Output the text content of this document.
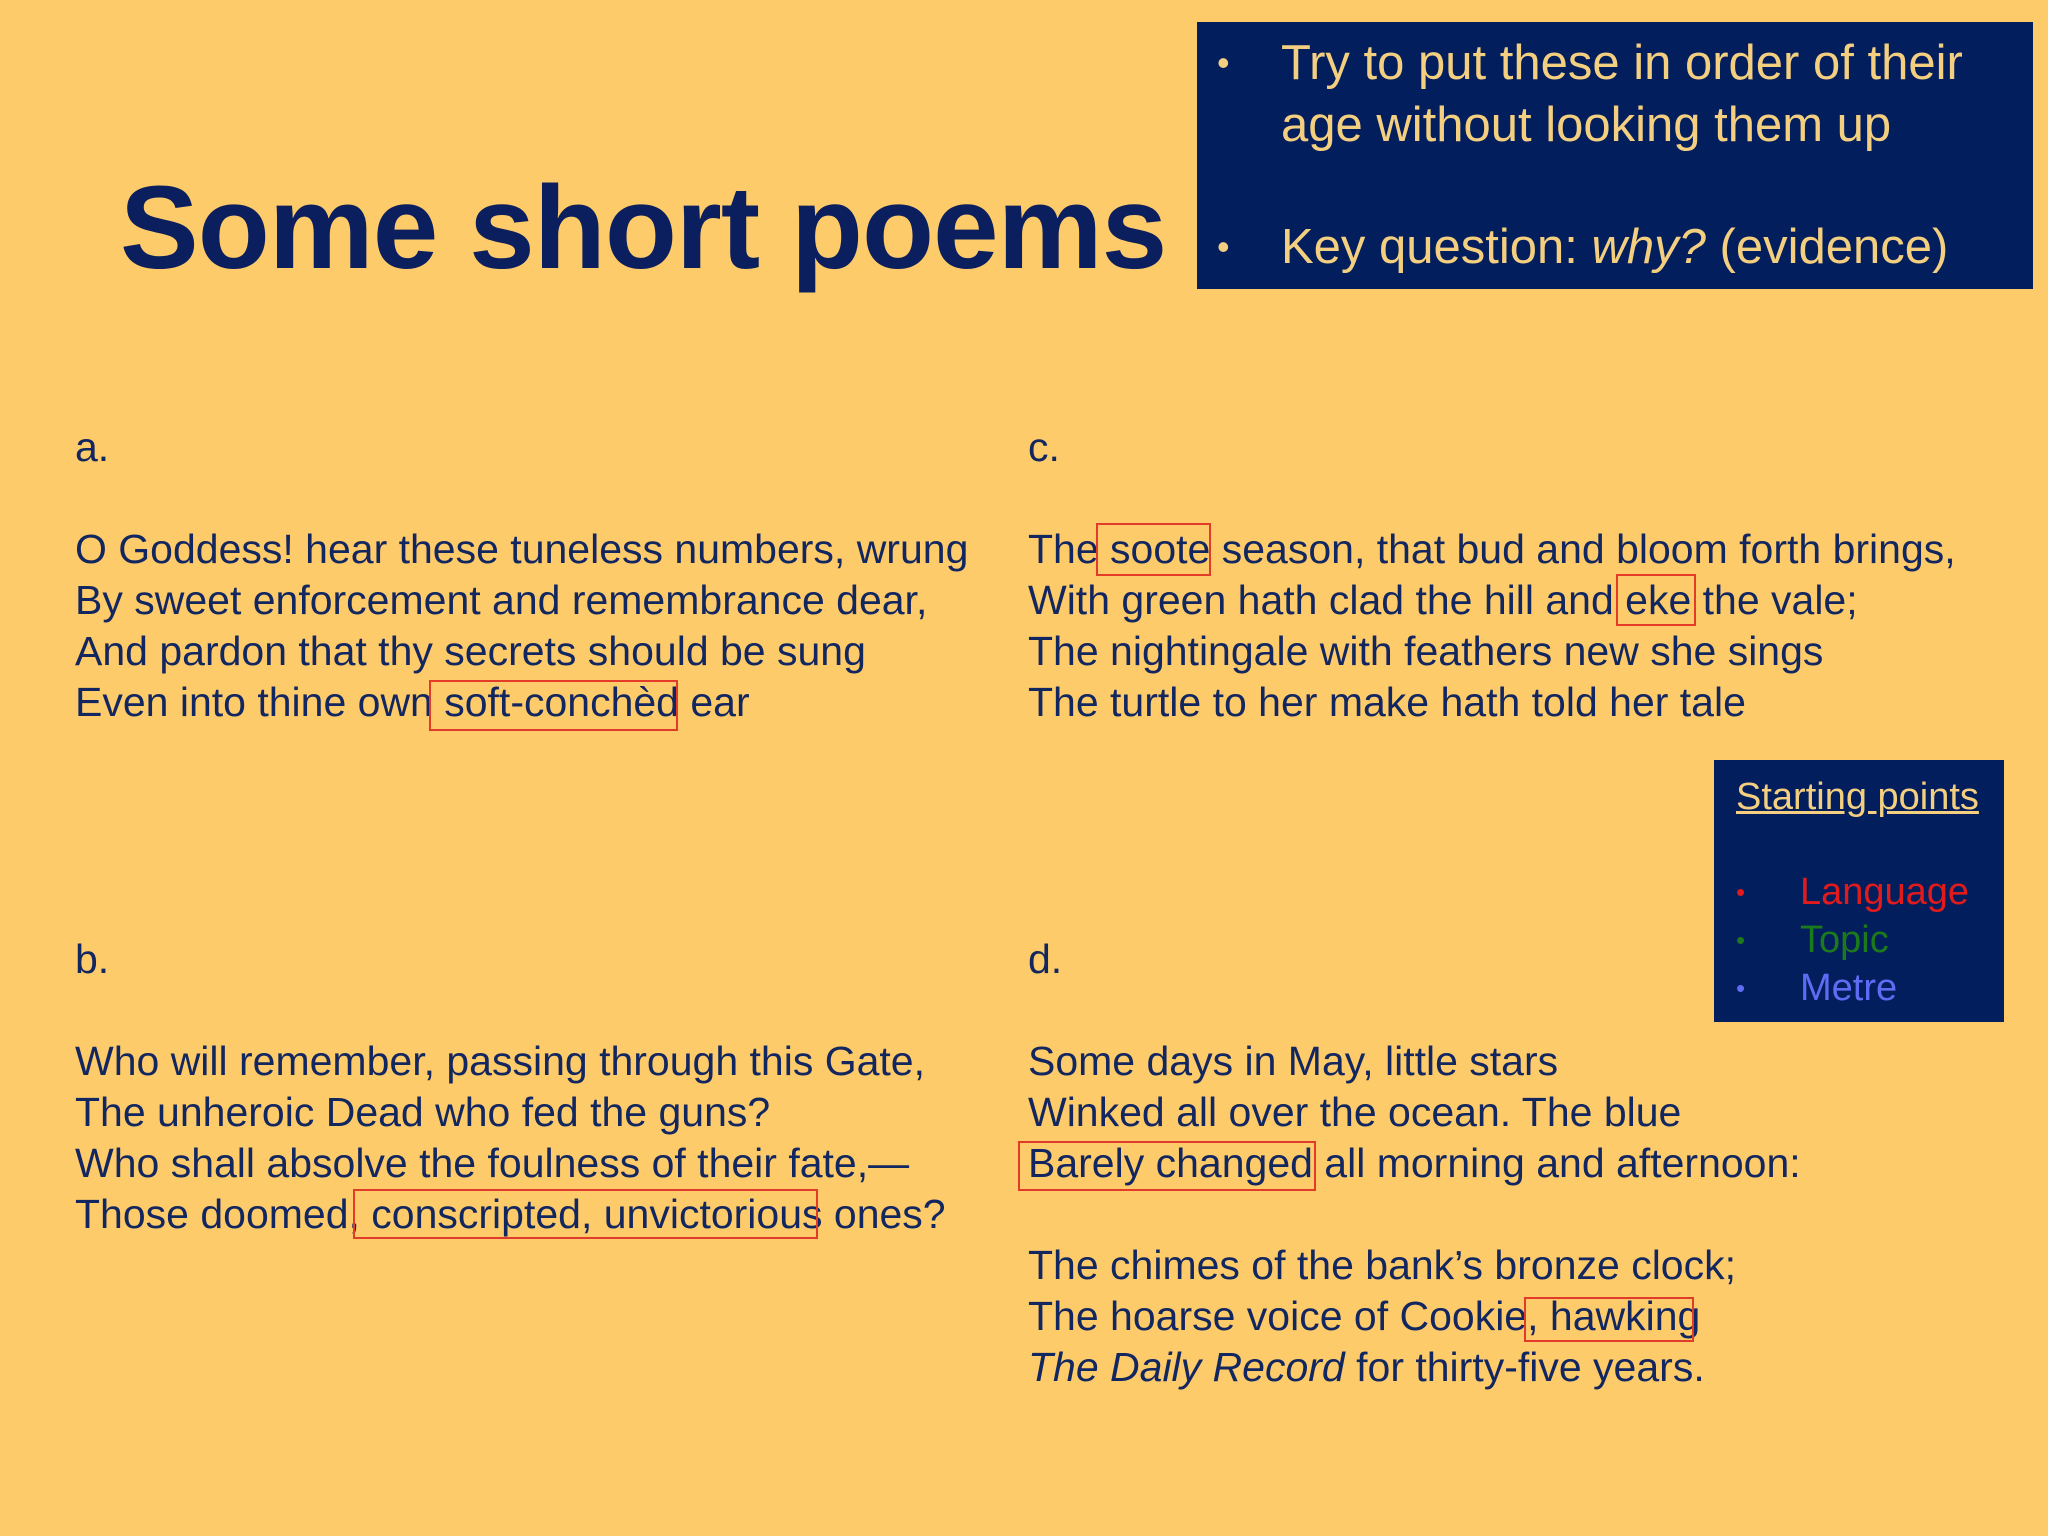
Some short poems
• Try to put these in order of their age without looking them up
• Key question: why? (evidence)
Starting points
• Language
• Topic
• Metre
a.
O Goddess! hear these tuneless numbers, wrung
By sweet enforcement and remembrance dear,
And pardon that thy secrets should be sung
Even into thine own soft-conchèd ear
b.
Who will remember, passing through this Gate,
The unheroic Dead who fed the guns?
Who shall absolve the foulness of their fate,—
Those doomed, conscripted, unvictorious ones?
c.
The soote season, that bud and bloom forth brings,
With green hath clad the hill and eke the vale;
The nightingale with feathers new she sings
The turtle to her make hath told her tale
d.
Some days in May, little stars
Winked all over the ocean. The blue
Barely changed all morning and afternoon:
The chimes of the bank’s bronze clock;
The hoarse voice of Cookie, hawking
The Daily Record for thirty-five years.
